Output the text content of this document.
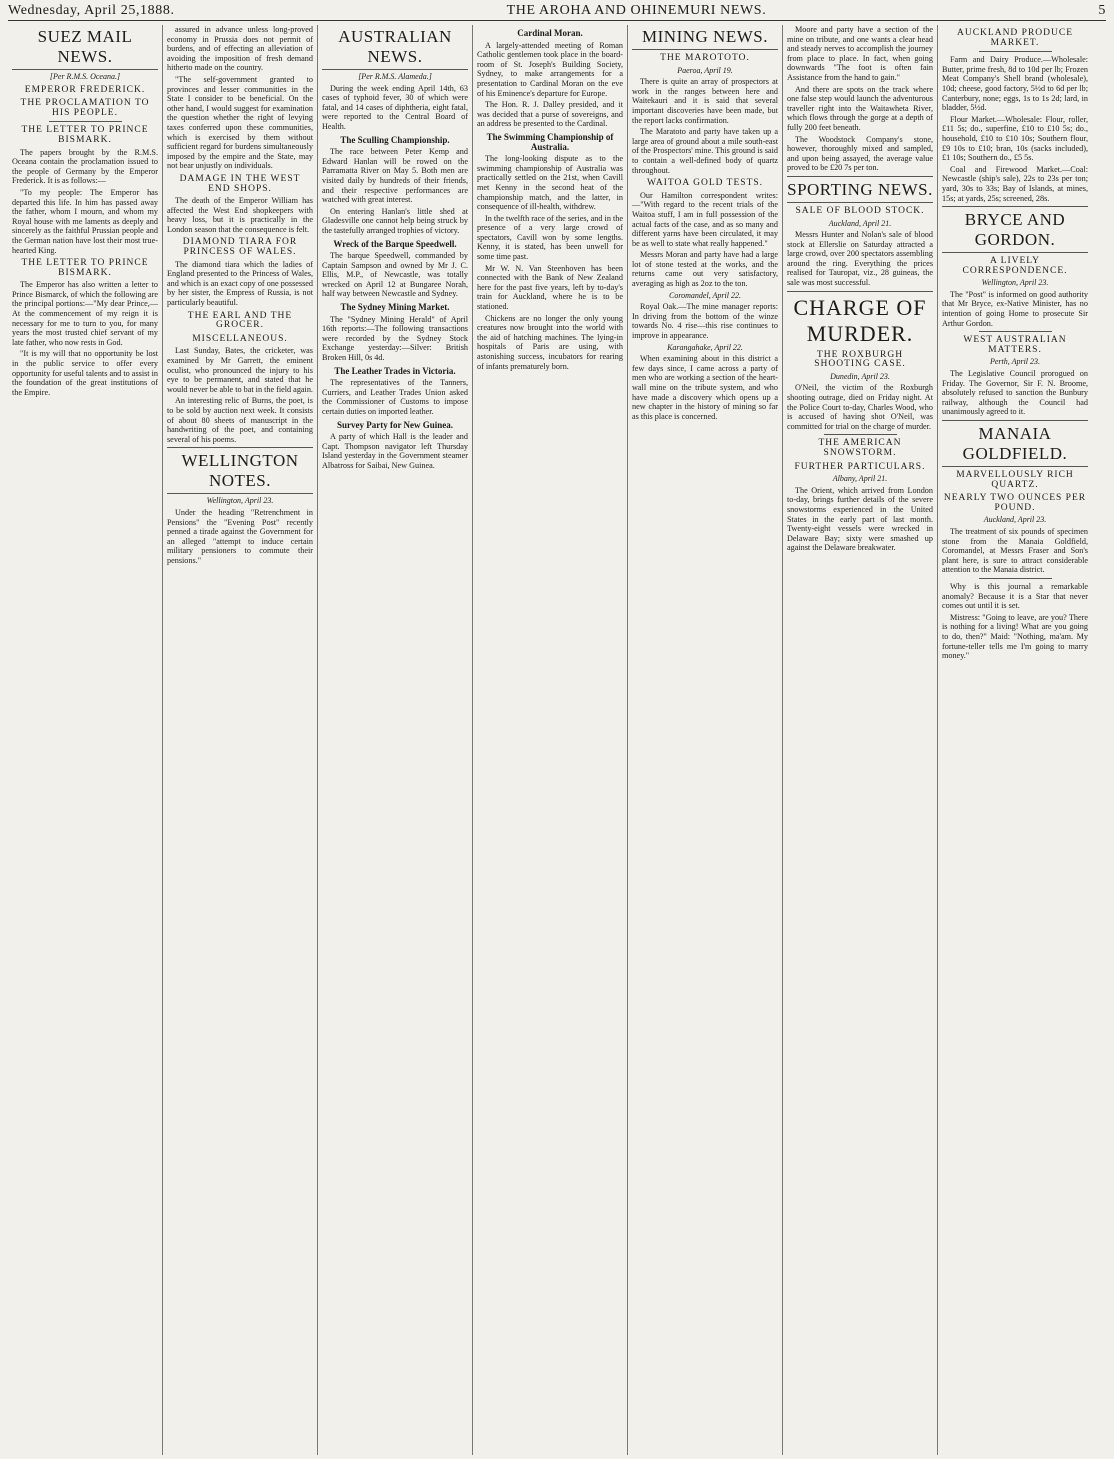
Wednesday, April 25,1888.	THE AROHA AND OHINEMURI NEWS.	5
SUEZ MAIL NEWS.
[Per R.M.S. Oceana.]
EMPEROR FREDERICK.
THE PROCLAMATION TO HIS PEOPLE.
THE LETTER TO PRINCE BISMARK.

The papers brought by the R.M.S. Oceana contain the proclamation issued to the people of Germany by the Emperor Frederick. It is as follows:—

"To my people: The Emperor has departed this life. In him has passed away the father, whom I mourn, and whom my Royal house with me laments as deeply and sincerely as the faithful Prussian people and the German nation have lost their most true-hearted King.

THE LETTER TO PRINCE BISMARK.

The Emperor has also written a letter to Prince Bismarck, of which the following are the principal portions:—"My dear Prince,—At the commencement of my reign it is necessary for me to turn to you, for many years the most trusted chief servant of my late father, who now rests in God.

"It is my will that no opportunity be lost in the public service to offer every opportunity for useful talents and to assist in the foundation of the great institutions of the Empire.

assured in advance unless long-proved economy in Prussia does not permit of burdens, and of effecting an alleviation of avoiding the imposition of fresh demand hitherto made on the country.

"The self-government granted to provinces and lesser communities in the State I consider to be beneficial. On the other hand, I would suggest for examination the question whether the right of levying taxes conferred upon these communities, which is exercised by them without sufficient regard for burdens simultaneously imposed by the empire and the State, may not bear unjustly on individuals.

DAMAGE IN THE WEST END SHOPS.

The death of the Emperor William has affected the West End shopkeepers with heavy loss, but it is practically in the London season that the consequence is felt.

DIAMOND TIARA FOR PRINCESS OF WALES.

The diamond tiara which the ladies of England presented to the Princess of Wales, and which is an exact copy of one possessed by her sister, the Empress of Russia, is not particularly beautiful.

THE EARL AND THE GROCER.
MISCELLANEOUS.

Last Sunday, Bates, the cricketer, was examined by Mr Garrett, the eminent oculist, who pronounced the injury to his eye to be permanent, and stated that he would never be able to bat in the field again.

An interesting relic of Burns, the poet, is to be sold by auction next week. It consists of about 80 sheets of manuscript in the handwriting of the poet, and containing several of his poems.

WELLINGTON NOTES.
Wellington, April 23.

Under the heading "Retrenchment in Pensions" the "Evening Post" recently penned a tirade against the Government for an alleged "attempt to induce certain military pensioners to commute their pensions."

AUSTRALIAN NEWS.
[Per R.M.S. Alameda.]

During the week ending April 14th, 63 cases of typhoid fever, 30 of which were fatal, and 14 cases of diphtheria, eight fatal, were reported to the Central Board of Health.

The Sculling Championship.

The race between Peter Kemp and Edward Hanlan will be rowed on the Parramatta River on May 5. Both men are visited daily by hundreds of their friends, and their respective performances are watched with great interest.

On entering Hanlan's little shed at Gladesville one cannot help being struck by the tastefully arranged trophies of victory.

Wreck of the Barque Speedwell.

The barque Speedwell, commanded by Captain Sampson and owned by Mr J. C. Ellis, M.P., of Newcastle, was totally wrecked on April 12 at Bungaree Norah, half way between Newcastle and Sydney.

The Sydney Mining Market.

The "Sydney Mining Herald" of April 16th reports:—The following transactions were recorded by the Sydney Stock Exchange yesterday:—Silver: British Broken Hill, 0s 4d.

The Leather Trades in Victoria.

The representatives of the Tanners, Curriers, and Leather Trades Union asked the Commissioner of Customs to impose certain duties on imported leather.

Survey Party for New Guinea.

A party of which Hall is the leader and Capt. Thompson navigator left Thursday Island yesterday in the Government steamer Albatross for Saibai, New Guinea.

Cardinal Moran.

A largely-attended meeting of Roman Catholic gentlemen took place in the board-room of St. Joseph's Building Society, Sydney, to make arrangements for a presentation to Cardinal Moran on the eve of his Eminence's departure for Europe.

The Hon. R. J. Dalley presided, and it was decided that a purse of sovereigns, and an address be presented to the Cardinal.

The Swimming Championship of Australia.

The long-looking dispute as to the swimming championship of Australia was practically settled on the 21st, when Cavill met Kenny in the second heat of the championship match, and the latter, in consequence of ill-health, withdrew.

In the twelfth race of the series, and in the presence of a very large crowd of spectators, Cavill won by some lengths. Kenny, it is stated, has been unwell for some time past.

Mr W. N. Van Steenhoven has been connected with the Bank of New Zealand here for the past five years, left by to-day's train for Auckland, where he is to be stationed.

Chickens are no longer the only young creatures now brought into the world with the aid of hatching machines. The lying-in hospitals of Paris are using, with astonishing success, incubators for rearing of infants prematurely born.

MINING NEWS.
THE MAROTOTO.
Paeroa, April 19.

There is quite an array of prospectors at work in the ranges between here and Waitekauri and it is said that several important discoveries have been made, but the report lacks confirmation.

The Maratoto and party have taken up a large area of ground about a mile south-east of the Prospectors' mine. This ground is said to contain a well-defined body of quartz throughout.

WAITOA GOLD TESTS.

Our Hamilton correspondent writes:—"With regard to the recent trials of the Waitoa stuff, I am in full possession of the actual facts of the case, and as so many and different yarns have been circulated, it may be as well to state what really happened."

Messrs Moran and party have had a large lot of stone tested at the works, and the returns came out very satisfactory, averaging as high as 2oz to the ton.

Coromandel, April 22.

Royal Oak.—The mine manager reports: In driving from the bottom of the winze towards No. 4 rise—this rise continues to improve in appearance.

Karangahake, April 22.

When examining about in this district a few days since, I came across a party of men who are working a section of the heart-wall mine on the tribute system, and who have made a discovery which opens up a new chapter in the history of mining so far as this place is concerned.

Moore and party have a section of the mine on tribute, and one wants a clear head and steady nerves to accomplish the journey from place to place. In fact, when going downwards "The foot is often fain Assistance from the hand to gain."

And there are spots on the track where one false step would launch the adventurous traveller right into the Waitawheta River, which flows through the gorge at a depth of fully 200 feet beneath.

The Woodstock Company's stone, however, thoroughly mixed and sampled, and upon being assayed, the average value proved to be £20 7s per ton.

SPORTING NEWS.
SALE OF BLOOD STOCK.
Auckland, April 21.

Messrs Hunter and Nolan's sale of blood stock at Ellerslie on Saturday attracted a large crowd, over 200 spectators assembling around the ring. Everything the prices realised for Tauropat, viz., 28 guineas, the sale was most successful.

CHARGE OF MURDER.
THE ROXBURGH SHOOTING CASE.
Dunedin, April 23.

O'Neil, the victim of the Roxburgh shooting outrage, died on Friday night. At the Police Court to-day, Charles Wood, who is accused of having shot O'Neil, was committed for trial on the charge of murder.

THE AMERICAN SNOWSTORM.
FURTHER PARTICULARS.
Albany, April 21.

The Orient, which arrived from London to-day, brings further details of the severe snowstorms experienced in the United States in the early part of last month. Twenty-eight vessels were wrecked in Delaware Bay; sixty were smashed up against the Delaware breakwater.

AUCKLAND PRODUCE MARKET.

Farm and Dairy Produce.—Wholesale: Butter, prime fresh, 8d to 10d per lb; Frozen Meat Company's Shell brand (wholesale), 10d; cheese, good factory, 5½d to 6d per lb; Canterbury, none; eggs, 1s to 1s 2d; lard, in bladder, 5½d.

Flour Market.—Wholesale: Flour, roller, £11 5s; do., superfine, £10 to £10 5s; do., household, £10 to £10 10s; Southern flour, £9 10s to £10; bran, 10s (sacks included), £1 10s; Southern do., £5 5s.

Coal and Firewood Market.—Coal: Newcastle (ship's sale), 22s to 23s per ton; yard, 30s to 33s; Bay of Islands, at mines, 15s; at yards, 25s; screened, 28s.

BRYCE AND GORDON.
A LIVELY CORRESPONDENCE.
Wellington, April 23.

The "Post" is informed on good authority that Mr Bryce, ex-Native Minister, has no intention of going Home to prosecute Sir Arthur Gordon.

WEST AUSTRALIAN MATTERS.
Perth, April 23.

The Legislative Council prorogued on Friday. The Governor, Sir F. N. Broome, absolutely refused to sanction the Bunbury railway, although the Council had unanimously agreed to it.

MANAIA GOLDFIELD.
MARVELLOUSLY RICH QUARTZ.
NEARLY TWO OUNCES PER POUND.
Auckland, April 23.

The treatment of six pounds of specimen stone from the Manaia Goldfield, Coromandel, at Messrs Fraser and Son's plant here, is sure to attract considerable attention to the Manaia district.

Why is this journal a remarkable anomaly? Because it is a Star that never comes out until it is set.

Mistress: "Going to leave, are you? There is nothing for a living! What are you going to do, then?" Maid: "Nothing, ma'am. My fortune-teller tells me I'm going to marry money."
